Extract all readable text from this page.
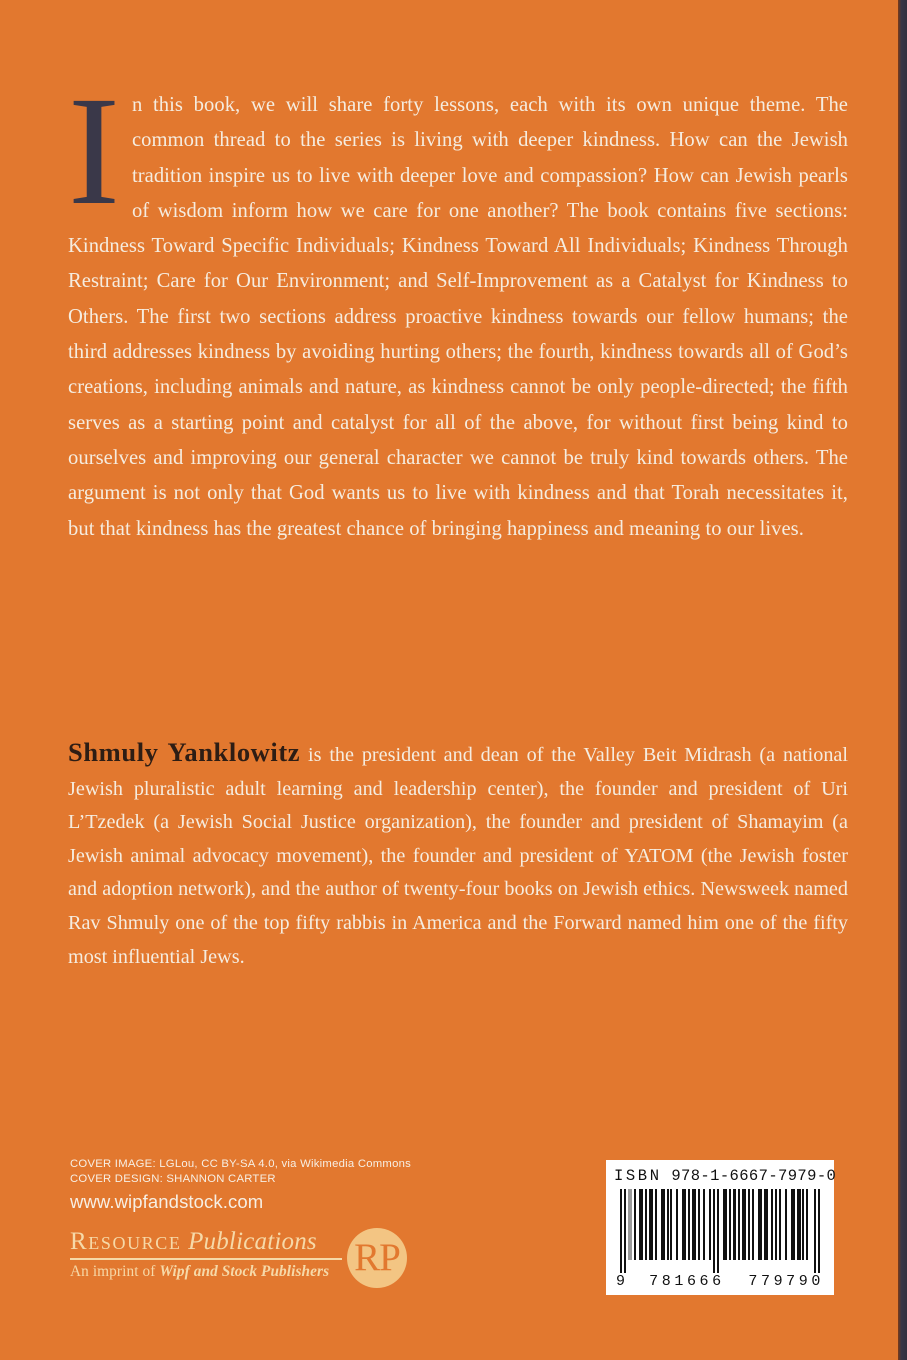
I n this book, we will share forty lessons, each with its own unique theme. The common thread to the series is living with deeper kindness. How can the Jewish tradition inspire us to live with deeper love and compassion? How can Jewish pearls of wisdom inform how we care for one another? The book contains five sections: Kindness Toward Specific Individuals; Kindness Toward All Individuals; Kindness Through Restraint; Care for Our Environment; and Self-Improvement as a Catalyst for Kindness to Others. The first two sections address proactive kindness towards our fellow humans; the third addresses kindness by avoiding hurting others; the fourth, kindness towards all of God’s creations, including animals and nature, as kindness cannot be only people-directed; the fifth serves as a starting point and catalyst for all of the above, for without first being kind to ourselves and improving our general character we cannot be truly kind towards others. The argument is not only that God wants us to live with kindness and that Torah necessitates it, but that kindness has the greatest chance of bringing happiness and meaning to our lives.
Shmuly Yanklowitz is the president and dean of the Valley Beit Midrash (a national Jewish pluralistic adult learning and leadership center), the founder and president of Uri L’Tzedek (a Jewish Social Justice organization), the founder and president of Shamayim (a Jewish animal advocacy movement), the founder and president of YATOM (the Jewish foster and adoption network), and the author of twenty-four books on Jewish ethics. Newsweek named Rav Shmuly one of the top fifty rabbis in America and the Forward named him one of the fifty most influential Jews.
COVER IMAGE: LGLou, CC BY-SA 4.0, via Wikimedia Commons
COVER DESIGN: SHANNON CARTER
www.wipfandstock.com
Resource Publications
An imprint of Wipf and Stock Publishers RP
ISBN 978-1-6667-7979-0
9 781666 779790
